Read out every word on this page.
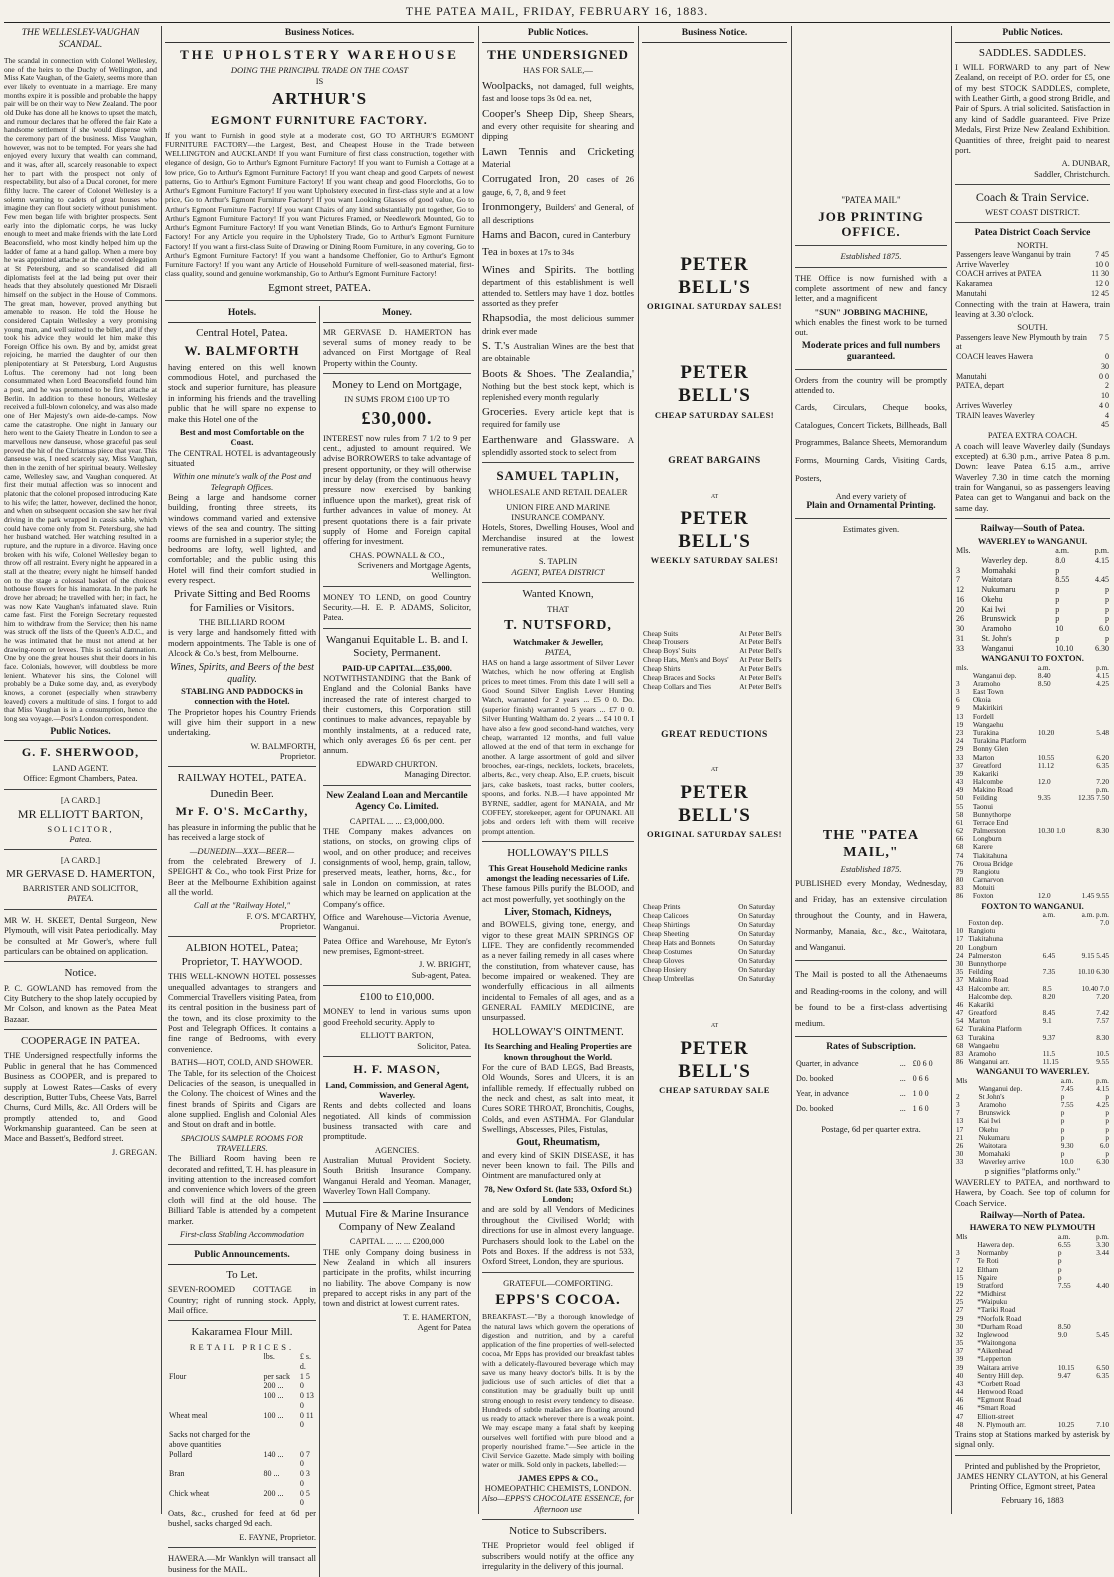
THE PATEA MAIL, FRIDAY, FEBRUARY 16, 1883.
THE WELLESLEY-VAUGHAN SCANDAL.

The scandal in connection with Colonel Wellesley, one of the heirs to the Duchy of Wellington, and Miss Kate Vaughan, of the Gaiety, seems more than ever likely to eventuate in a marriage. Ere many months expire it is possible and probable the happy pair will be on their way to New Zealand. The poor old Duke has done all he knows to upset the match, and rumour declares that he offered the fair Kate a handsome settlement if she would dispense with the ceremony part of the business. Miss Vaughan, however, was not to be tempted. For years she had enjoyed every luxury that wealth can command, and it was, after all, scarcely reasonable to expect her to part with the prospect not only of respectability, but also of a Ducal coronet, for mere filthy lucre. The career of Colonel Wellesley is a solemn warning to cadets of great houses who imagine they can flout society without punishment. Few men began life with brighter prospects. Sent early into the diplomatic corps, he was lucky enough to meet and make friends with the late Lord Beaconsfield, who most kindly helped him up the ladder of fame at a hand gallop. When a mere boy he was appointed attache at the coveted delegation at St Petersburg, and so scandalised did all diplomatists feel at the lad being put over their heads that they absolutely questioned Mr Disraeli himself on the subject in the House of Commons. The great man, however, proved anything but amenable to reason. He told the House he considered Captain Wellesley a very promising young man, and well suited to the billet, and if they took his advice they would let him make this Foreign Office his own. By and by, amidst great rejoicing, he married the daughter of our then plenipotentiary at St Petersburg, Lord Augustus Loftus. The ceremony had not long been consummated when Lord Beaconsfield found him a post, and he was promoted to be first attache at Berlin. In addition to these honours, Wellesley received a full-blown colonelcy, and was also made one of Her Majesty's own aide-de-camps. Now came the catastrophe. One night in January our hero went to the Gaiety Theatre in London to see a marvellous new danseuse, whose graceful pas seul proved the hit of the Christmas piece that year. This danseuse was, I need scarcely say, Miss Vaughan, then in the zenith of her spiritual beauty. Wellesley came, Wellesley saw, and Vaughan conquered. At first their mutual affection was so innocent and platonic that the colonel proposed introducing Kate to his wife; the latter, however, declined the honor, and when on subsequent occasion she saw her rival driving in the park wrapped in cassis sable, which could have come only from St. Petersburg, she had her husband watched. Her watching resulted in a rupture, and the rupture in a divorce. Having once broken with his wife, Colonel Wellesley began to throw off all restraint. Every night he appeared in a stall at the theatre; every night he himself handed on to the stage a colossal basket of the choicest hothouse flowers for his inamorata. In the park he drove her abroad; he travelled with her; in fact, he was now Kate Vaughan's infatuated slave. Ruin came fast. First the Foreign Secretary requested him to withdraw from the Service; then his name was struck off the lists of the Queen's A.D.C., and he was intimated that he must not attend at her drawing-room or levees. This is social damnation. One by one the great houses shut their doors in his face. Colonials, however, will doubtless be more lenient. Whatever his sins, the Colonel will probably be a Duke some day, and, as everybody knows, a coronet (especially when strawberry leaved) covers a multitude of sins. I forgot to add that Miss Vaughan is in a consumption, hence the long sea voyage.—Post's London correspondent.

Public Notices.
G. F. SHERWOOD,
LAND AGENT.
Office: Egmont Chambers, Patea.
[A CARD.]
MR ELLIOTT BARTON,
SOLICITOR,
Patea.
[A CARD.]
MR GERVASE D. HAMERTON,
BARRISTER AND SOLICITOR,
PATEA.

MR W. H. SKEET, Dental Surgeon, New Plymouth, will visit Patea periodically. May be consulted at Mr Gower's, where full particulars can be obtained on application.

Notice.

P. C. GOWLAND has removed from the City Butchery to the shop lately occupied by Mr Colson, and known as the Patea Meat Bazaar.

COOPERAGE IN PATEA.

THE Undersigned respectfully informs the Public in general that he has Commenced Business as COOPER, and is prepared to supply at Lowest Rates—Casks of every description, Butter Tubs, Cheese Vats, Barrel Churns, Curd Mills, &c. All Orders will be promptly attended to, and Good Workmanship guaranteed. Can be seen at Mace and Bassett's, Bedford street.

J. GREGAN.
Business Notices.
THE UPHOLSTERY WAREHOUSE
DOING THE PRINCIPAL TRADE ON THE COAST
IS
ARTHUR'S
EGMONT FURNITURE FACTORY.

If you want to Furnish in good style at a moderate cost, GO TO ARTHUR'S EGMONT FURNITURE FACTORY—the Largest, Best, and Cheapest House in the Trade between WELLINGTON and AUCKLAND! If you want Furniture of first class construction, together with elegance of design, Go to Arthur's Egmont Furniture Factory! If you want to Furnish a Cottage at a low price, Go to Arthur's Egmont Furniture Factory! If you want cheap and good Carpets of newest patterns, Go to Arthur's Egmont Furniture Factory! If you want cheap and good Floorcloths, Go to Arthur's Egmont Furniture Factory! If you want Upholstery executed in first-class style and at a low price, Go to Arthur's Egmont Furniture Factory! If you want Looking Glasses of good value, Go to Arthur's Egmont Furniture Factory! If you want Chairs of any kind substantially put together, Go to Arthur's Egmont Furniture Factory! If you want Pictures Framed, or Needlework Mounted, Go to Arthur's Egmont Furniture Factory! If you want Venetian Blinds, Go to Arthur's Egmont Furniture Factory! For any Article you require in the Upholstery Trade, Go to Arthur's Egmont Furniture Factory! If you want a first-class Suite of Drawing or Dining Room Furniture, in any covering, Go to Arthur's Egmont Furniture Factory! If you want a handsome Cheffonier, Go to Arthur's Egmont Furniture Factory! If you want any Article of Household Furniture of well-seasoned material, first-class quality, sound and genuine workmanship, Go to Arthur's Egmont Furniture Factory!

Egmont street, PATEA.
Hotels.
Central Hotel, Patea.
W. BALMFORTH

having entered on this well known commodious Hotel, and purchased the stock and superior furniture, has pleasure in informing his friends and the travelling public that he will spare no expense to make this Hotel one of the

Best and most Comfortable on the Coast.

The CENTRAL HOTEL is advantageously situated

Within one minute's walk of the Post and Telegraph Offices.

Being a large and handsome corner building, fronting three streets, its windows command varied and extensive views of the sea and country. The sitting rooms are furnished in a superior style; the bedrooms are lofty, well lighted, and comfortable; and the public using this Hotel will find their comfort studied in every respect.

Private Sitting and Bed Rooms for Families or Visitors.
THE BILLIARD ROOM

is very large and handsomely fitted with modern appointments. The Table is one of Alcock & Co.'s best, from Melbourne.

Wines, Spirits, and Beers of the best quality.
STABLING AND PADDOCKS in connection with the Hotel.

The Proprietor hopes his Country Friends will give him their support in a new undertaking.

W. BALMFORTH,
Proprietor.
RAILWAY HOTEL, PATEA.
Dunedin Beer.
Mr F. O'S. McCarthy,

has pleasure in informing the public that he has received a large stock of

—DUNEDIN—XXX—BEER—

from the celebrated Brewery of J. SPEIGHT & Co., who took First Prize for Beer at the Melbourne Exhibition against all the world.

Call at the "Railway Hotel,"
F. O'S. M'CARTHY,
Proprietor.
ALBION HOTEL, Patea; Proprietor, T. HAYWOOD.

THIS WELL-KNOWN HOTEL possesses unequalled advantages to strangers and Commercial Travellers visiting Patea, from its central position in the business part of the town, and its close proximity to the Post and Telegraph Offices. It contains a fine range of Bedrooms, with every convenience.

BATHS—HOT, COLD, AND SHOWER.

The Table, for its selection of the Choicest Delicacies of the season, is unequalled in the Colony. The choicest of Wines and the finest brands of Spirits and Cigars are alone supplied. English and Colonial Ales and Stout on draft and in bottle.

SPACIOUS SAMPLE ROOMS FOR TRAVELLERS.

The Billiard Room having been re decorated and refitted, T. H. has pleasure in inviting attention to the increased comfort and convenience which lovers of the green cloth will find at the old house. The Billiard Table is attended by a competent marker.

First-class Stabling Accommodation
Public Announcements.
To Let.

SEVEN-ROOMED COTTAGE in Country; right of running stock. Apply, Mail office.

Kakaramea Flour Mill.
RETAIL PRICES.
	lbs.	£ s. d.
Flour	per sack 200 ...	1 5 0
	100 ...	0 13 0
Wheat meal	100 ...	0 11 0
Sacks not charged for the above quantities		
Pollard	140 ...	0 7 0
Bran	80 ...	0 3 0
Chick wheat	200 ...	0 5 0

Oats, &c., crushed for feed at 6d per bushel, sacks charged 9d each.

E. FAYNE, Proprietor.

HAWERA.—Mr Wanklyn will transact all business for the MAIL.

Money.

MR GERVASE D. HAMERTON has several sums of money ready to be advanced on First Mortgage of Real Property within the County.

Money to Lend on Mortgage,
IN SUMS FROM £100 UP TO
£30,000.

INTEREST now rules from 7 1/2 to 9 per cent., adjusted to amount required. We advise BORROWERS to take advantage of present opportunity, or they will otherwise incur by delay (from the continuous heavy pressure now exercised by banking influence upon the market), great risk of further advances in value of money. At present quotations there is a fair private supply of Home and Foreign capital offering for investment.

CHAS. POWNALL & CO.,
Scriveners and Mortgage Agents, Wellington.

MONEY TO LEND, on good Country Security.—H. E. P. ADAMS, Solicitor, Patea.

Wanganui Equitable L. B. and I. Society, Permanent.
PAID-UP CAPITAL...£35,000.

NOTWITHSTANDING that the Bank of England and the Colonial Banks have increased the rate of interest charged to their customers, this Corporation still continues to make advances, repayable by monthly instalments, at a reduced rate, which only averages £6 6s per cent. per annum.

EDWARD CHURTON.
Managing Director.
New Zealand Loan and Mercantile Agency Co. Limited.
CAPITAL ... ... £3,000,000.

THE Company makes advances on stations, on stocks, on growing clips of wool, and on other produce; and receives consignments of wool, hemp, grain, tallow, preserved meats, leather, horns, &c., for sale in London on commission, at rates which may be learned on application at the Company's office.

Office and Warehouse—Victoria Avenue, Wanganui.

Patea Office and Warehouse, Mr Eyton's new premises, Egmont-street.

J. W. BRIGHT,
Sub-agent, Patea.
£100 to £10,000.

MONEY to lend in various sums upon good Freehold security. Apply to

ELLIOTT BARTON,
Solicitor, Patea.
H. F. MASON,
Land, Commission, and General Agent, Waverley.

Rents and debts collected and loans negotiated. All kinds of commission business transacted with care and promptitude.

AGENCIES.

Australian Mutual Provident Society. South British Insurance Company. Wanganui Herald and Yeoman. Manager, Waverley Town Hall Company.

Mutual Fire & Marine Insurance Company of New Zealand
CAPITAL ... ... ... £200,000

THE only Company doing business in New Zealand in which all insurers participate in the profits, whilst incurring no liability. The above Company is now prepared to accept risks in any part of the town and district at lowest current rates.

T. E. HAMERTON,
Agent for Patea
Public Notices.
THE UNDERSIGNED
HAS FOR SALE,—

Woolpacks, not damaged, full weights, fast and loose tops 3s 0d ea. net,

Cooper's Sheep Dip, Sheep Shears, and every other requisite for shearing and dipping

Lawn Tennis and Cricketing Material

Corrugated Iron, 20 cases of 26 gauge, 6, 7, 8, and 9 feet

Ironmongery, Builders' and General, of all descriptions

Hams and Bacon, cured in Canterbury

Tea in boxes at 17s to 34s

Wines and Spirits. The bottling department of this establishment is well attended to. Settlers may have 1 doz. bottles assorted as they prefer

Rhapsodia, the most delicious summer drink ever made

S. T.'s Australian Wines are the best that are obtainable

Boots & Shoes. 'The Zealandia,' Nothing but the best stock kept, which is replenished every month regularly

Groceries. Every article kept that is required for family use

Earthenware and Glassware. A splendidly assorted stock to select from

SAMUEL TAPLIN,
WHOLESALE AND RETAIL DEALER
UNION FIRE AND MARINE INSURANCE COMPANY.

Hotels, Stores, Dwelling Houses, Wool and Merchandise insured at the lowest remunerative rates.

S. TAPLIN
AGENT, PATEA DISTRICT
Wanted Known,
THAT
T. NUTSFORD,
Watchmaker & Jeweller,
PATEA,

HAS on hand a large assortment of Silver Lever Watches, which he now offering at English prices to meet times. From this date I will sell a Good Sound Silver English Lever Hunting Watch, warranted for 2 years ... £5 0 0. Do. (superior finish) warranted 5 years ... £7 0 0. Silver Hunting Waltham do. 2 years ... £4 10 0. I have also a few good second-hand watches, very cheap, warranted 12 months, and full value allowed at the end of that term in exchange for another. A large assortment of gold and silver brooches, ear-rings, necklets, lockets, bracelets, alberts, &c., very cheap. Also, E.P. cruets, biscuit jars, cake baskets, toast racks, butter coolers, spoons, and forks. N.B.—I have appointed Mr BYRNE, saddler, agent for MANAIA, and Mr COFFEY, storekeeper, agent for OPUNAKI. All jobs and orders left with them will receive prompt attention.

HOLLOWAY'S PILLS
This Great Household Medicine ranks amongst the leading necessaries of Life.

These famous Pills purify the BLOOD, and act most powerfully, yet soothingly on the

Liver, Stomach, Kidneys,

and BOWELS, giving tone, energy, and vigor to these great MAIN SPRINGS OF LIFE. They are confidently recommended as a never failing remedy in all cases where the constitution, from whatever cause, has become impaired or weakened. They are wonderfully efficacious in all ailments incidental to Females of all ages, and as a GENERAL FAMILY MEDICINE, are unsurpassed.

HOLLOWAY'S OINTMENT.
Its Searching and Healing Properties are known throughout the World.

For the cure of BAD LEGS, Bad Breasts, Old Wounds, Sores and Ulcers, it is an infallible remedy. If effectually rubbed on the neck and chest, as salt into meat, it Cures SORE THROAT, Bronchitis, Coughs, Colds, and even ASTHMA. For Glandular Swellings, Abscesses, Piles, Fistulas,

Gout, Rheumatism,

and every kind of SKIN DISEASE, it has never been known to fail. The Pills and Ointment are manufactured only at

78, New Oxford St. (late 533, Oxford St.) London;

and are sold by all Vendors of Medicines throughout the Civilised World; with directions for use in almost every language. Purchasers should look to the Label on the Pots and Boxes. If the address is not 533, Oxford Street, London, they are spurious.

GRATEFUL—COMFORTING.
EPPS'S COCOA.

BREAKFAST.—"By a thorough knowledge of the natural laws which govern the operations of digestion and nutrition, and by a careful application of the fine properties of well-selected cocoa, Mr Epps has provided our breakfast tables with a delicately-flavoured beverage which may save us many heavy doctor's bills. It is by the judicious use of such articles of diet that a constitution may be gradually built up until strong enough to resist every tendency to disease. Hundreds of subtle maladies are floating around us ready to attack wherever there is a weak point. We may escape many a fatal shaft by keeping ourselves well fortified with pure blood and a properly nourished frame."—See article in the Civil Service Gazette. Made simply with boiling water or milk. Sold only in packets, labelled:—

JAMES EPPS & CO.,
HOMEOPATHIC CHEMISTS, LONDON.
Also—EPPS'S CHOCOLATE ESSENCE, for Afternoon use
Notice to Subscribers.

THE Proprietor would feel obliged if subscribers would notify at the office any irregularity in the delivery of this journal.

Business Notice.
PETER BELL'S
ORIGINAL SATURDAY SALES!
PETER BELL'S
CHEAP SATURDAY SALES!
GREAT BARGAINS
AT
PETER BELL'S
WEEKLY SATURDAY SALES!
Cheap Suits	At Peter Bell's
Cheap Trousers	At Peter Bell's
Cheap Boys' Suits	At Peter Bell's
Cheap Hats, Men's and Boys'	At Peter Bell's
Cheap Shirts	At Peter Bell's
Cheap Braces and Socks	At Peter Bell's
Cheap Collars and Ties	At Peter Bell's
GREAT REDUCTIONS
AT
PETER BELL'S
ORIGINAL SATURDAY SALES!
Cheap Prints	On Saturday
Cheap Calicoes	On Saturday
Cheap Shirtings	On Saturday
Cheap Sheeting	On Saturday
Cheap Hats and Bonnets	On Saturday
Cheap Costumes	On Saturday
Cheap Gloves	On Saturday
Cheap Hosiery	On Saturday
Cheap Umbrellas	On Saturday
AT
PETER BELL'S
CHEAP SATURDAY SALE
"PATEA MAIL"
JOB PRINTING OFFICE.
Established 1875.

THE Office is now furnished with a complete assortment of new and fancy letter, and a magnificent

"SUN" JOBBING MACHINE,

which enables the finest work to be turned out.

Moderate prices and full numbers guaranteed.

Orders from the country will be promptly attended to.

Cards, Circulars, Cheque books, Catalogues, Concert Tickets, Billheads, Ball Programmes, Balance Sheets, Memorandum Forms, Mourning Cards, Visiting Cards, Posters,

And every variety of
Plain and Ornamental Printing.
Estimates given.
THE "PATEA MAIL,"
Established 1875.

PUBLISHED every Monday, Wednesday, and Friday, has an extensive circulation throughout the County, and in Hawera, Normanby, Manaia, &c., &c., Waitotara, and Wanganui.

The Mail is posted to all the Athenaeums and Reading-rooms in the colony, and will be found to be a first-class advertising medium.

Rates of Subscription.
Quarter, in advance	...	£0 6 0
Do. booked	...	0 6 6
Year, in advance	...	1 0 0
Do. booked	...	1 6 0
Postage, 6d per quarter extra.
Public Notices.
SADDLES. SADDLES.

I WILL FORWARD to any part of New Zealand, on receipt of P.O. order for £5, one of my best STOCK SADDLES, complete, with Leather Girth, a good strong Bridle, and Pair of Spurs. A trial solicited. Satisfaction in any kind of Saddle guaranteed. Five Prize Medals, First Prize New Zealand Exhibition. Quantities of three, freight paid to nearest port.

A. DUNBAR,
Saddler, Christchurch.
Coach & Train Service.
WEST COAST DISTRICT.
Patea District Coach Service
NORTH.
Passengers leave Wanganui by train	7 45
Arrive Waverley	10 0
COACH arrives at PATEA	11 30
Kakaramea	12 0
Manutahi	12 45

Connecting with the train at Hawera, train leaving at 3.30 o'clock.

SOUTH.
Passengers leave New Plymouth by train at	7 5
COACH leaves Hawera	0 30
Manutahi	0 0
PATEA, depart	2 10
Arrives Waverley	4 0
TRAIN leaves Waverley	4 45
PATEA EXTRA COACH.

A coach will leave Waverley daily (Sundays excepted) at 6.30 p.m., arrive Patea 8 p.m. Down: leave Patea 6.15 a.m., arrive Waverley 7.30 in time catch the morning train for Wanganui, so as passengers leaving Patea can get to Wanganui and back on the same day.

Railway—South of Patea.
WAVERLEY to WANGANUI.
Mls.		a.m.	p.m.
	Waverley dep.	8.0	4.15
3	Momahaki	p	
7	Waitotara	8.55	4.45
12	Nukumaru	p	p
16	Okehu	p	p
20	Kai Iwi	p	p
26	Brunswick	p	p
30	Aramoho	10	6.0
31	St. John's	p	p
33	Wanganui	10.10	6.30
WANGANUI TO FOXTON.
mls.		a.m.	p.m.
	Wanganui dep.	8.40	4.15
3	Aramoho	8.50	4.25
3	East Town		
6	Okoia		
9	Makirikiri		
13	Fordell		
19	Wangaehu		
23	Turakina	10.20	5.48
24	Turakina Platform		
29	Bonny Glen		
33	Marton	10.55	6.20
37	Greatford	11.12	6.35
39	Kakariki		
43	Halcombe	12.0	7.20
49	Makino Road		p.m.
50	Feilding	9.35	12.35 7.50
55	Taonui		
58	Bunnythorpe		
61	Terrace End		
62	Palmerston	10.30 1.0	8.30
66	Longburn		
68	Karere		
74	Tiakitahuna		
76	Oroua Bridge		
79	Rangiotu		
80	Carnarvon		
83	Motuiti		
86	Foxton	12.0	1.45 9.55
FOXTON TO WANGANUI.
		a.m.	a.m. p.m.
	Foxton dep.		7.0
10	Rangiotu		
17	Tiakitahuna		
20	Longburn		
24	Palmerston	6.45	9.15 5.45
30	Bunnythorpe		
35	Feilding	7.35	10.10 6.30
37	Makino Road		
43	Halcombe arr.	8.5	10.40 7.0
	Halcombe dep.	8.20	7.20
46	Kakariki		
47	Greatford	8.45	7.42
54	Marton	9.1	7.57
62	Turakina Platform		
63	Turakina	9.37	8.30
68	Wangaehu		
83	Aramoho	11.5	10.5
86	Wanganui arr.	11.15	9.55
WANGANUI TO WAVERLEY.
Mls		a.m.	p.m.
	Wanganui dep.	7.45	4.15
2	St John's	p	p
3	Aramoho	7.55	4.25
7	Brunswick	p	p
13	Kai Iwi	p	p
17	Okehu	p	p
21	Nukumaru	p	p
26	Waitotara	9.30	6.0
30	Momahaki	p	p
33	Waverley arrive	10.0	6.30
p signifies "platforms only."

WAVERLEY to PATEA, and northward to Hawera, by Coach. See top of column for Coach Service.

Railway—North of Patea.
HAWERA TO NEW PLYMOUTH
Mls		a.m.	p.m.
	Hawera dep.	6.55	3.30
3	Normanby	p	3.44
7	Te Roti	p	
12	Eltham	p	
15	Ngaire	p	
19	Stratford	7.55	4.40
22	*Midhirst		
25	*Waipuku		
27	*Tariki Road		
29	*Norfolk Road		
30	*Durham Road	8.50	
32	Inglewood	9.0	5.45
35	*Waitongona		
37	*Aikenhead		
39	*Lepperton		
39	Waitara arrive	10.15	6.50
40	Sentry Hill dep.	9.47	6.35
43	*Corbett Road		
44	Henwood Road		
46	*Egmont Road		
46	*Smart Road		
47	Elliott-street		
48	N. Plymouth arr.	10.25	7.10

Trains stop at Stations marked by asterisk by signal only.

Printed and published by the Proprietor, JAMES HENRY CLAYTON, at his General Printing Office, Egmont street, Patea

February 16, 1883
